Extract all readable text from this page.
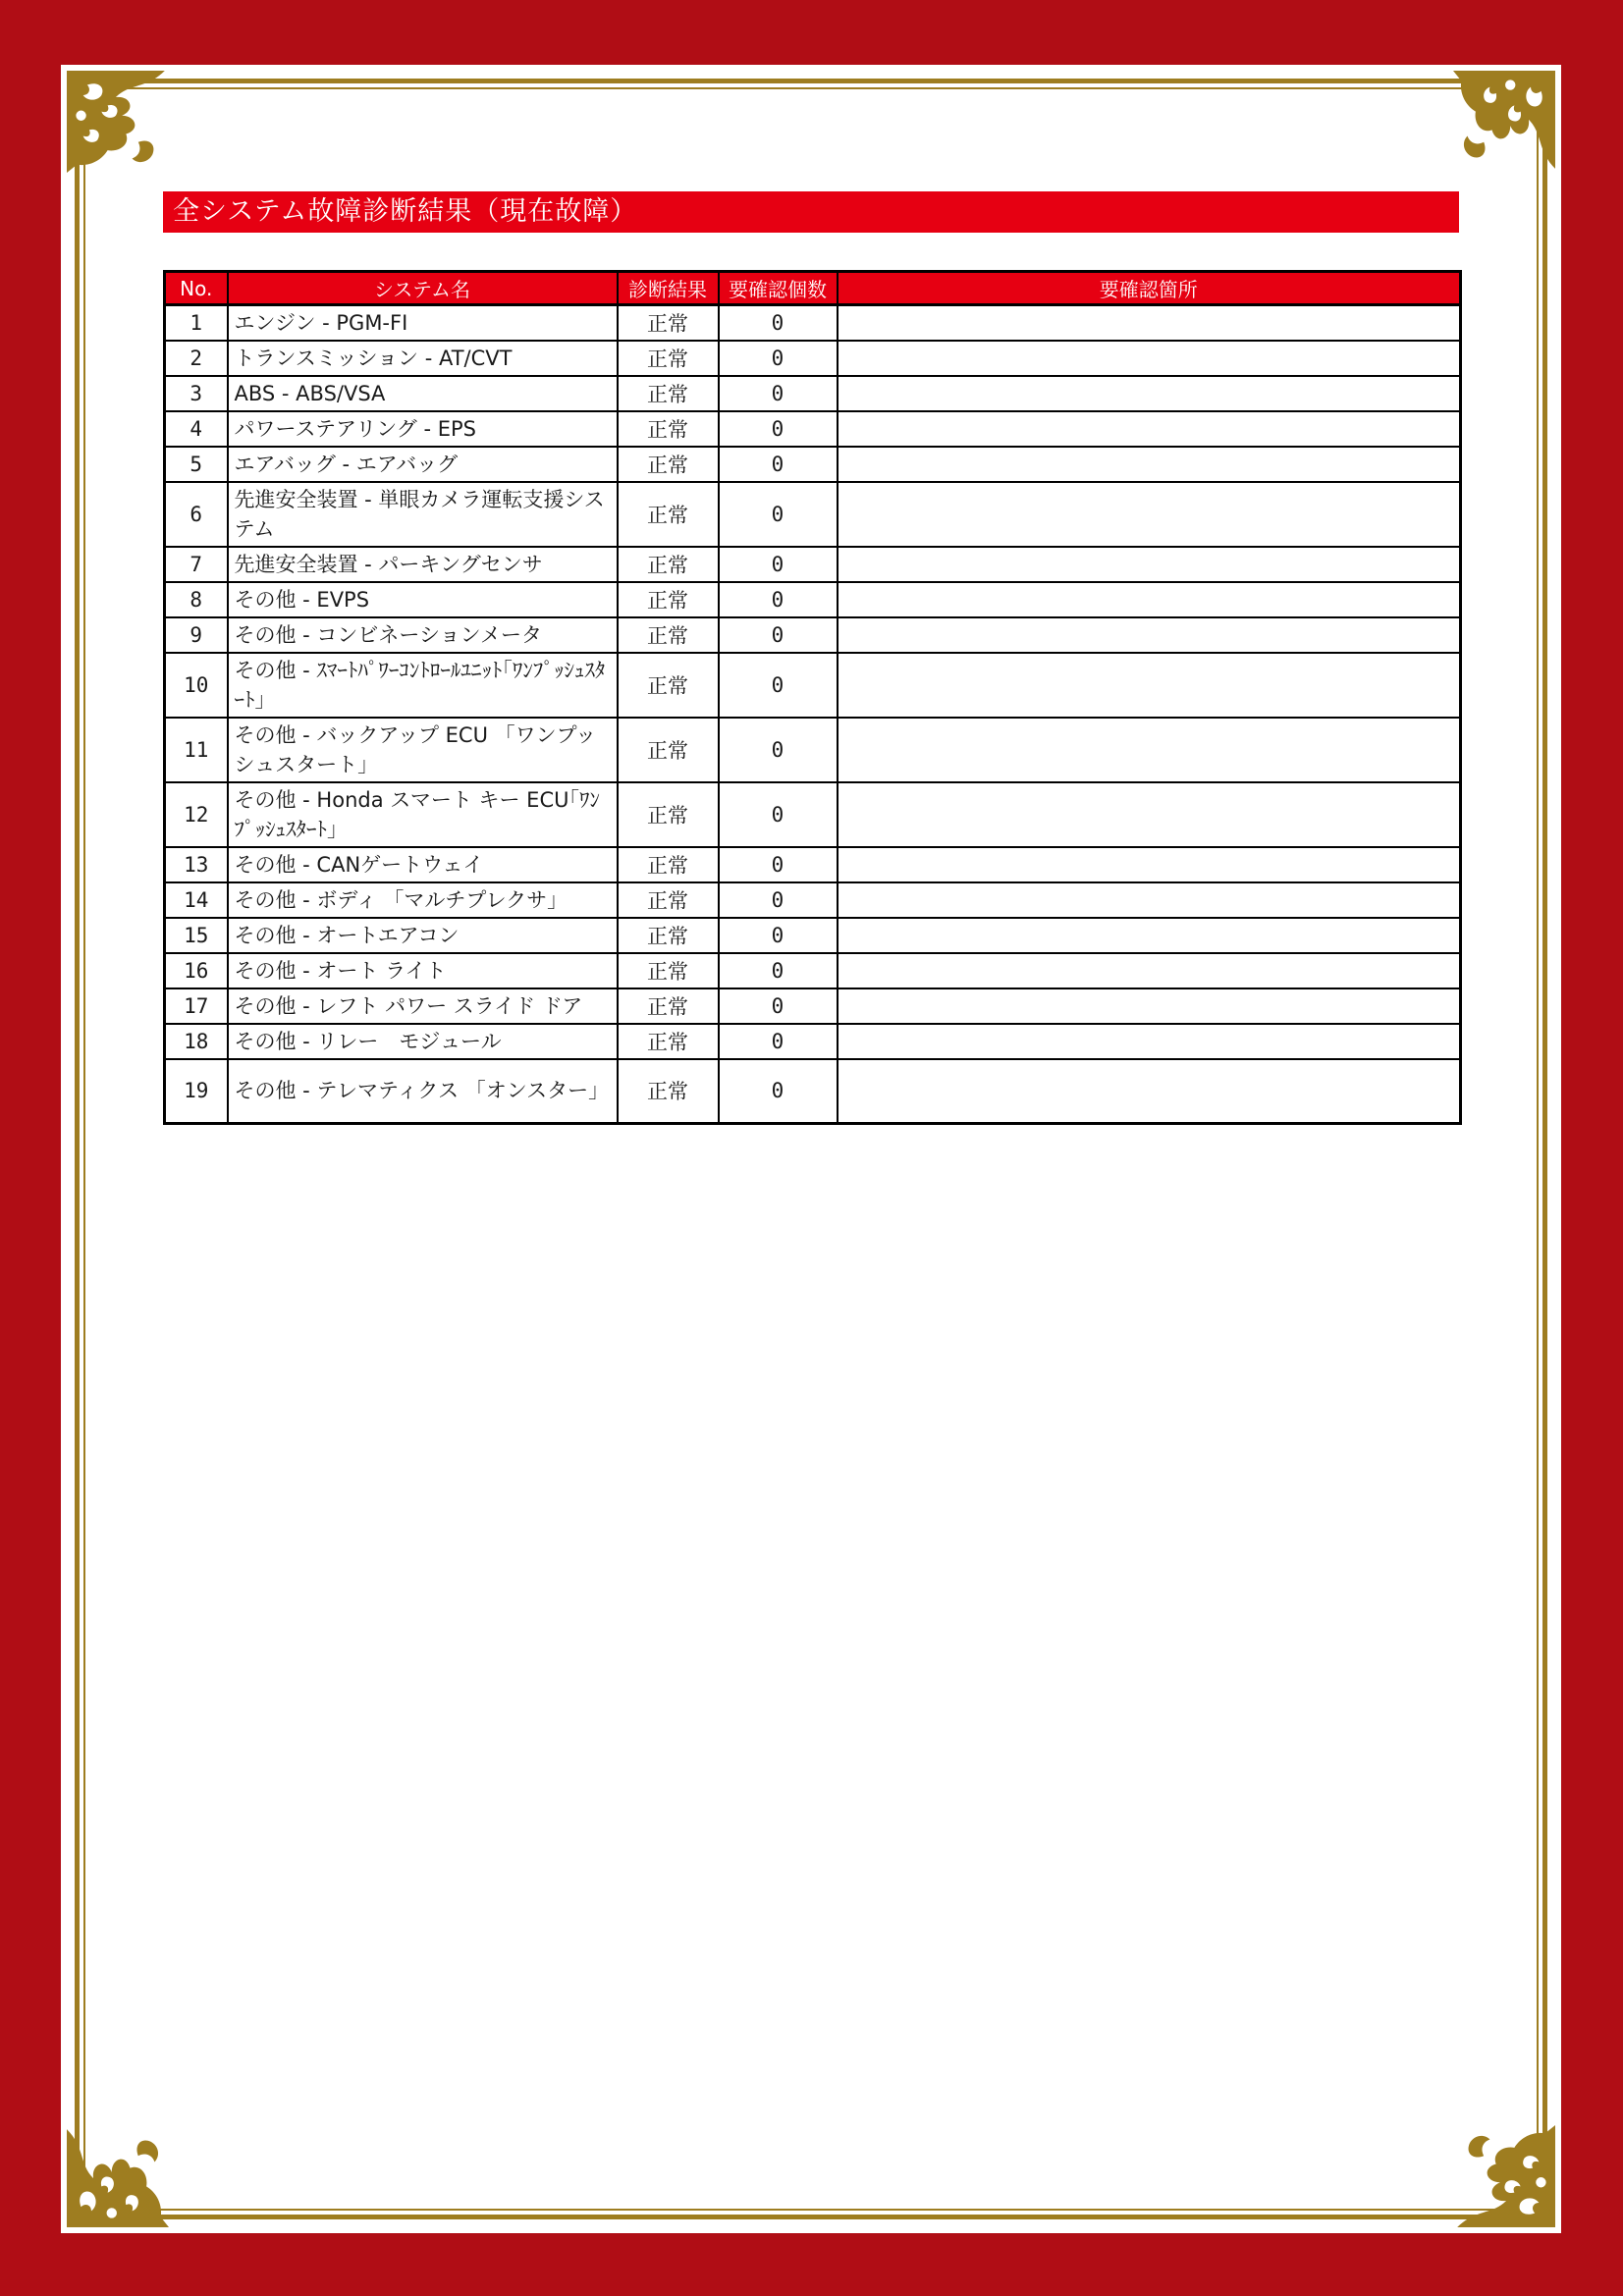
全システム故障診断結果（現在故障）
No.	システム名	診断結果	要確認個数	要確認箇所
1	エンジン - PGM-FI	正常	0	
2	トランスミッション - AT/CVT	正常	0	
3	ABS - ABS/VSA	正常	0	
4	パワーステアリング - EPS	正常	0	
5	エアバッグ - エアバッグ	正常	0	
6	先進安全装置 - 単眼カメラ運転支援システム	正常	0	
7	先進安全装置 - パーキングセンサ	正常	0	
8	その他 - EVPS	正常	0	
9	その他 - コンビネーションメータ	正常	0	
10	その他 - ｽﾏｰﾄﾊﾟﾜｰｺﾝﾄﾛｰﾙﾕﾆｯﾄ｢ﾜﾝﾌﾟｯｼｭｽﾀｰﾄ｣	正常	0	
11	その他 - バックアップ ECU 「ワンプッシュスタート」	正常	0	
12	その他 - Honda スマート キー ECU｢ﾜﾝﾌﾟｯｼｭｽﾀｰﾄ｣	正常	0	
13	その他 - CANゲートウェイ	正常	0	
14	その他 - ボディ 「マルチプレクサ」	正常	0	
15	その他 - オートエアコン	正常	0	
16	その他 - オート ライト	正常	0	
17	その他 - レフト パワー スライド ドア	正常	0	
18	その他 - リレー　モジュール	正常	0	
19	その他 - テレマティクス 「オンスター」	正常	0	
